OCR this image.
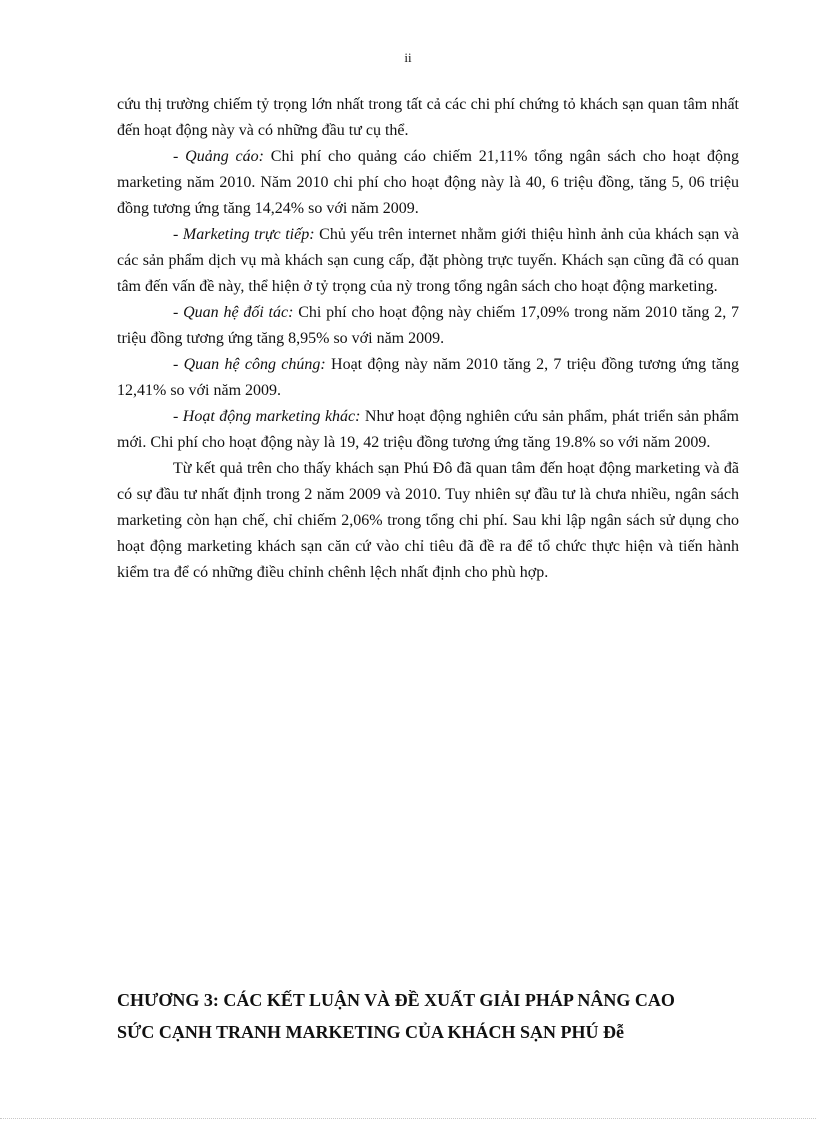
ii

cứu thị trường chiếm tỷ trọng lớn nhất trong tất cả các chi phí chứng tỏ khách sạn quan tâm nhất đến hoạt động này và có những đầu tư cụ thể.

- Quảng cáo: Chi phí cho quảng cáo chiếm 21,11% tổng ngân sách cho hoạt động marketing năm 2010. Năm 2010 chi phí cho hoạt động này là 40, 6 triệu đồng, tăng 5, 06 triệu đồng tương ứng tăng 14,24% so với năm 2009.

- Marketing trực tiếp: Chủ yếu trên internet nhằm giới thiệu hình ảnh của khách sạn và các sản phẩm dịch vụ mà khách sạn cung cấp, đặt phòng trực tuyến. Khách sạn cũng đã có quan tâm đến vấn đề này, thể hiện ở tỷ trọng của nỳ trong tổng ngân sách cho hoạt động marketing.

- Quan hệ đối tác: Chi phí cho hoạt động này chiếm 17,09% trong năm 2010 tăng 2, 7 triệu đồng tương ứng tăng 8,95% so với năm 2009.

- Quan hệ công chúng: Hoạt động này năm 2010 tăng 2, 7 triệu đồng tương ứng tăng 12,41% so với năm 2009.

- Hoạt động marketing khác: Như hoạt động nghiên cứu sản phẩm, phát triển sản phẩm mới. Chi phí cho hoạt động này là 19, 42 triệu đồng tương ứng tăng 19.8% so với năm 2009.

Từ kết quả trên cho thấy khách sạn Phú Đô đã quan tâm đến hoạt động marketing và đã có sự đầu tư nhất định trong 2 năm 2009 và 2010. Tuy nhiên sự đầu tư là chưa nhiều, ngân sách marketing còn hạn chế, chỉ chiếm 2,06% trong tổng chi phí. Sau khi lập ngân sách sử dụng cho hoạt động marketing khách sạn căn cứ vào chỉ tiêu đã đề ra để tổ chức thực hiện và tiến hành kiểm tra để có những điều chỉnh chênh lệch nhất định cho phù hợp.

CHƯƠNG 3: CÁC KẾT LUẬN VÀ ĐỀ XUẤT GIẢI PHÁP NÂNG CAO
SỨC CẠNH TRANH MARKETING CỦA KHÁCH SẠN PHÚ Đễ
